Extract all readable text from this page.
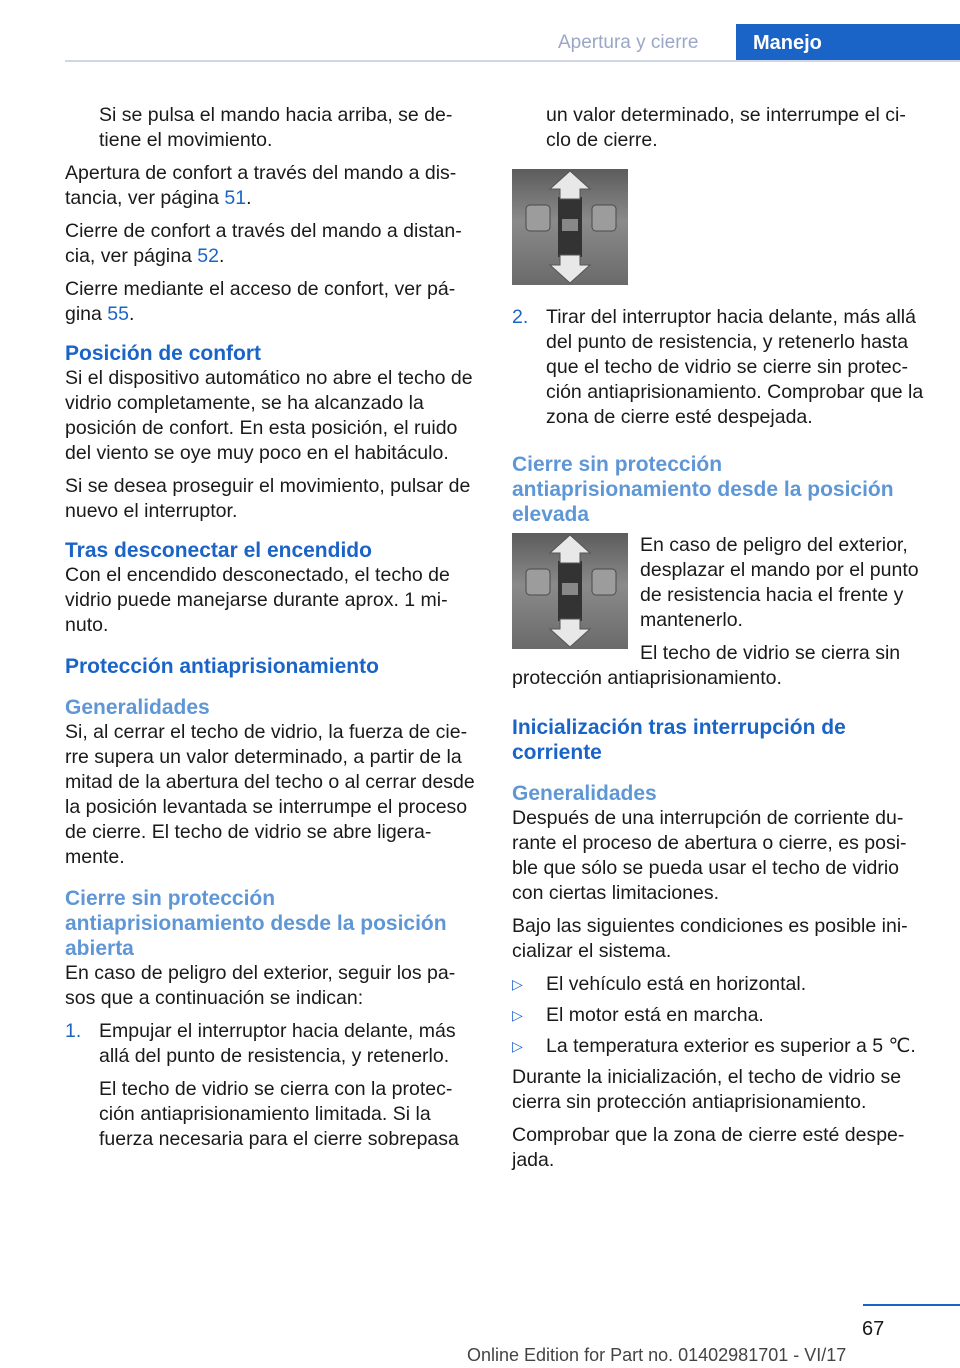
Apertura y cierre	Manejo

Si se pulsa el mando hacia arriba, se de‐ tiene el movimiento.

Apertura de confort a través del mando a dis‐ tancia, ver página 51.

Cierre de confort a través del mando a distan‐ cia, ver página 52.

Cierre mediante el acceso de confort, ver pá‐ gina 55.

Posición de confort

Si el dispositivo automático no abre el techo de vidrio completamente, se ha alcanzado la posición de confort. En esta posición, el ruido del viento se oye muy poco en el habitáculo.

Si se desea proseguir el movimiento, pulsar de nuevo el interruptor.

Tras desconectar el encendido

Con el encendido desconectado, el techo de vidrio puede manejarse durante aprox. 1 mi‐ nuto.

Protección antiaprisionamiento
Generalidades

Si, al cerrar el techo de vidrio, la fuerza de cie‐ rre supera un valor determinado, a partir de la mitad de la abertura del techo o al cerrar desde la posición levantada se interrumpe el proceso de cierre. El techo de vidrio se abre ligera‐ mente.

Cierre sin protección antiaprisionamiento desde la posición abierta

En caso de peligro del exterior, seguir los pa‐ sos que a continuación se indican:

1. Empujar el interruptor hacia delante, más allá del punto de resistencia, y retenerlo.

El techo de vidrio se cierra con la protec‐ ción antiaprisionamiento limitada. Si la fuerza necesaria para el cierre sobrepasa

un valor determinado, se interrumpe el ci‐ clo de cierre.

2. Tirar del interruptor hacia delante, más allá del punto de resistencia, y retenerlo hasta que el techo de vidrio se cierre sin protec‐ ción antiaprisionamiento. Comprobar que la zona de cierre esté despejada.
Cierre sin protección antiaprisionamiento desde la posición elevada

En caso de peligro del exterior, desplazar el mando por el punto de resistencia hacia el frente y mantenerlo.

El techo de vidrio se cierra sin protección antiaprisionamiento.

Inicialización tras interrupción de corriente
Generalidades

Después de una interrupción de corriente du‐ rante el proceso de abertura o cierre, es posi‐ ble que sólo se pueda usar el techo de vidrio con ciertas limitaciones.

Bajo las siguientes condiciones es posible ini‐ cializar el sistema.

▷	El vehículo está en horizontal.
▷	El motor está en marcha.
▷	La temperatura exterior es superior a 5 ℃.

Durante la inicialización, el techo de vidrio se cierra sin protección antiaprisionamiento.

Comprobar que la zona de cierre esté despe‐ jada.

67
Online Edition for Part no. 01402981701 - VI/17
